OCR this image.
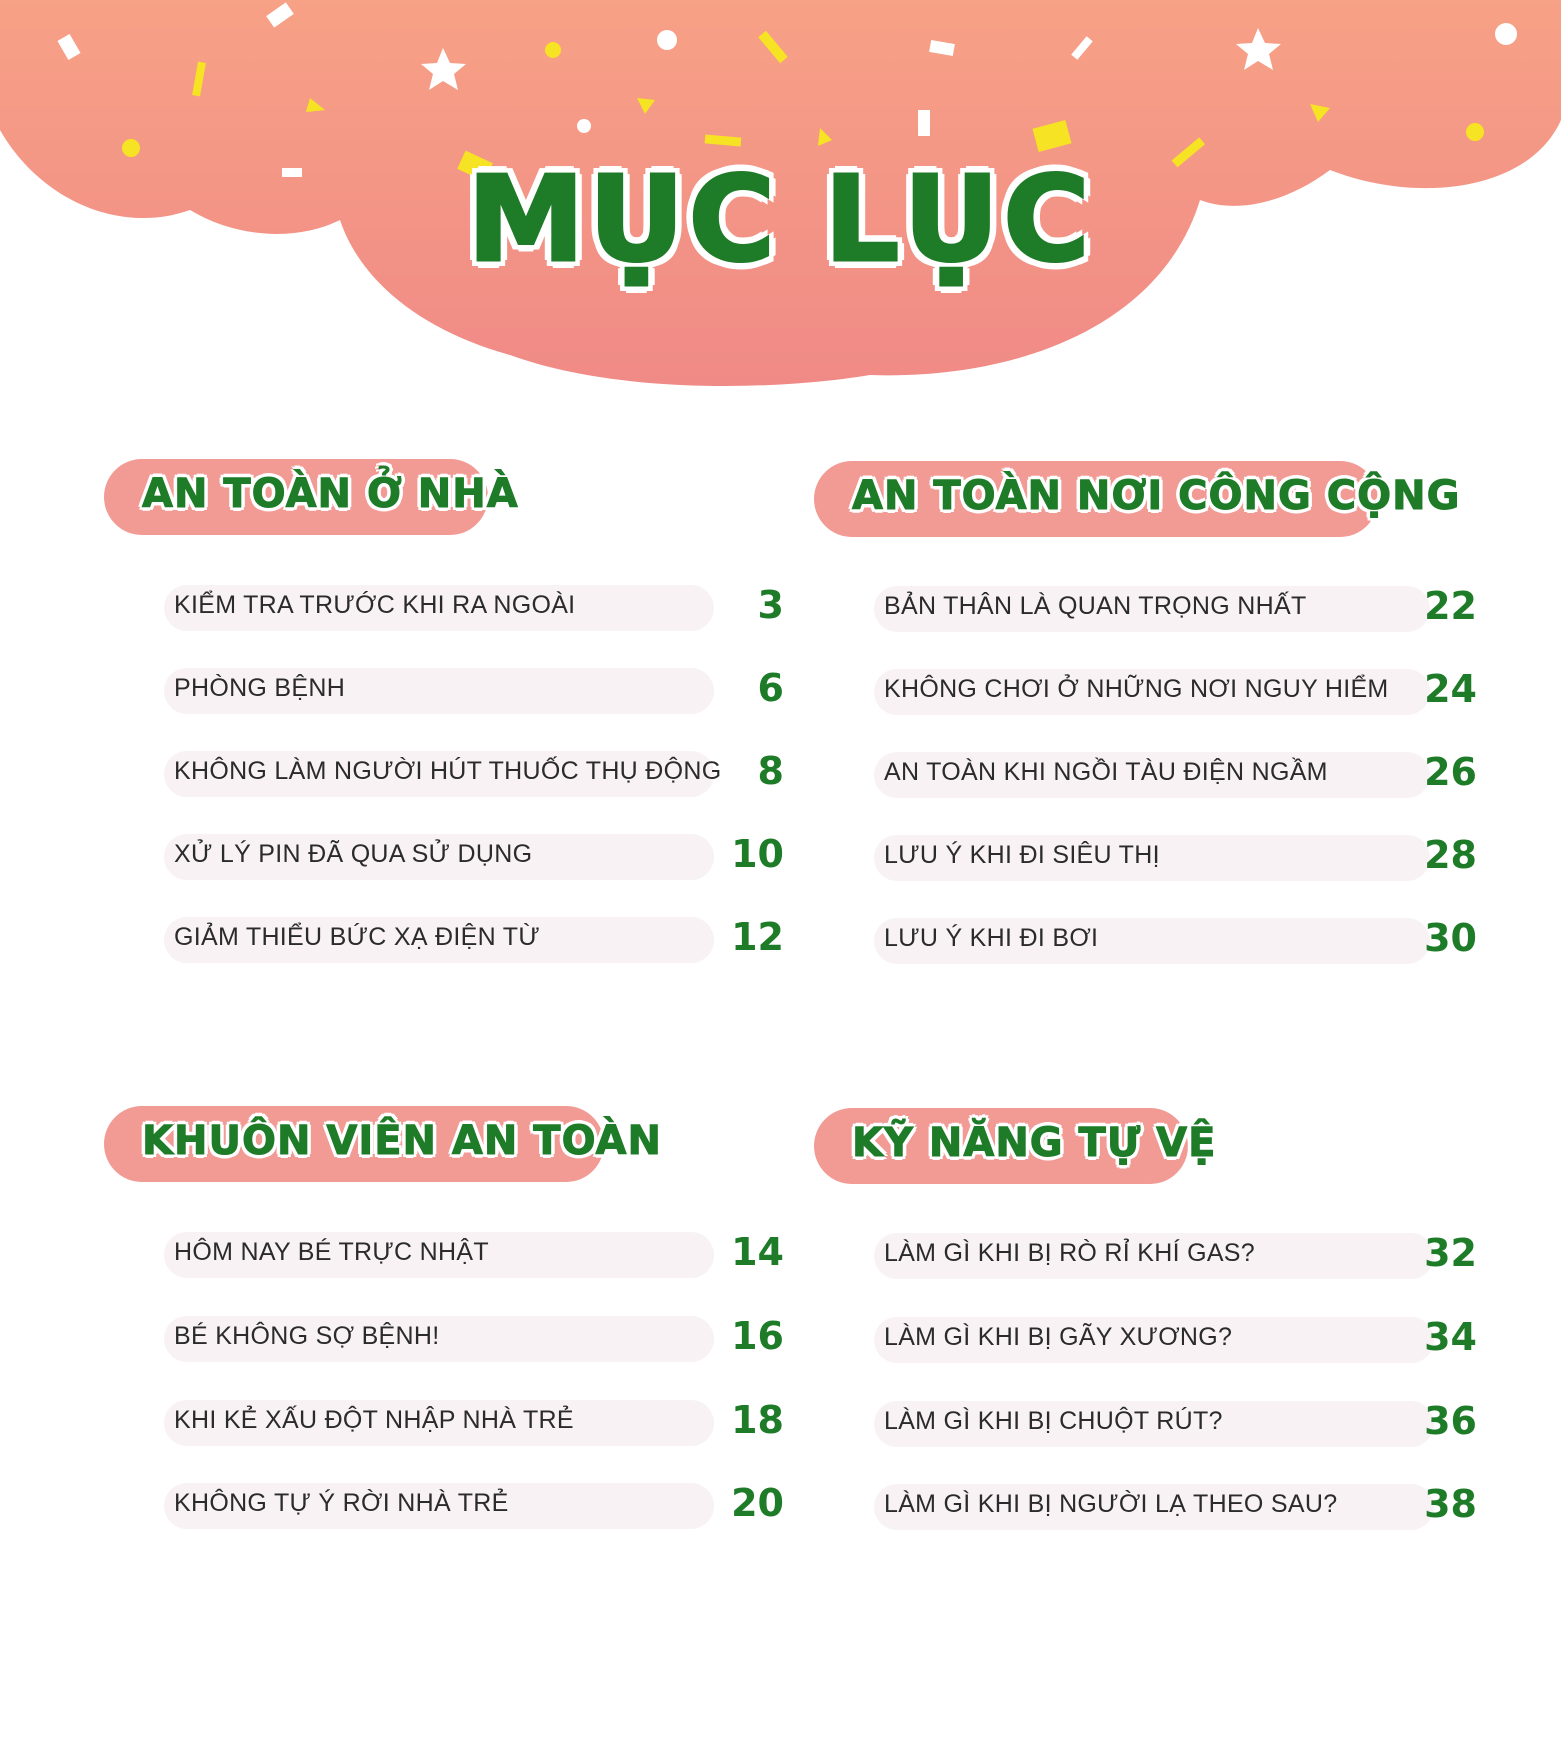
MỤC LỤC
AN TOÀN Ở NHÀ
KIỂM TRA TRƯỚC KHI RA NGOÀI	3
PHÒNG BỆNH	6
KHÔNG LÀM NGƯỜI HÚT THUỐC THỤ ĐỘNG 8
XỬ LÝ PIN ĐÃ QUA SỬ DỤNG	10
GIẢM THIỂU BỨC XẠ ĐIỆN TỪ	12
AN TOÀN NƠI CÔNG CỘNG
BẢN THÂN LÀ QUAN TRỌNG NHẤT	22
KHÔNG CHƠI Ở NHỮNG NƠI NGUY HIỂM 24
AN TOÀN KHI NGỒI TÀU ĐIỆN NGẦM	26
LƯU Ý KHI ĐI SIÊU THỊ	28
LƯU Ý KHI ĐI BƠI	30
KHUÔN VIÊN AN TOÀN
HÔM NAY BÉ TRỰC NHẬT	14
BÉ KHÔNG SỢ BỆNH!	16
KHI KẺ XẤU ĐỘT NHẬP NHÀ TRẺ	18
KHÔNG TỰ Ý RỜI NHÀ TRẺ	20
KỸ NĂNG TỰ VỆ
LÀM GÌ KHI BỊ RÒ RỈ KHÍ GAS?	32
LÀM GÌ KHI BỊ GÃY XƯƠNG?	34
LÀM GÌ KHI BỊ CHUỘT RÚT?	36
LÀM GÌ KHI BỊ NGƯỜI LẠ THEO SAU?	38
